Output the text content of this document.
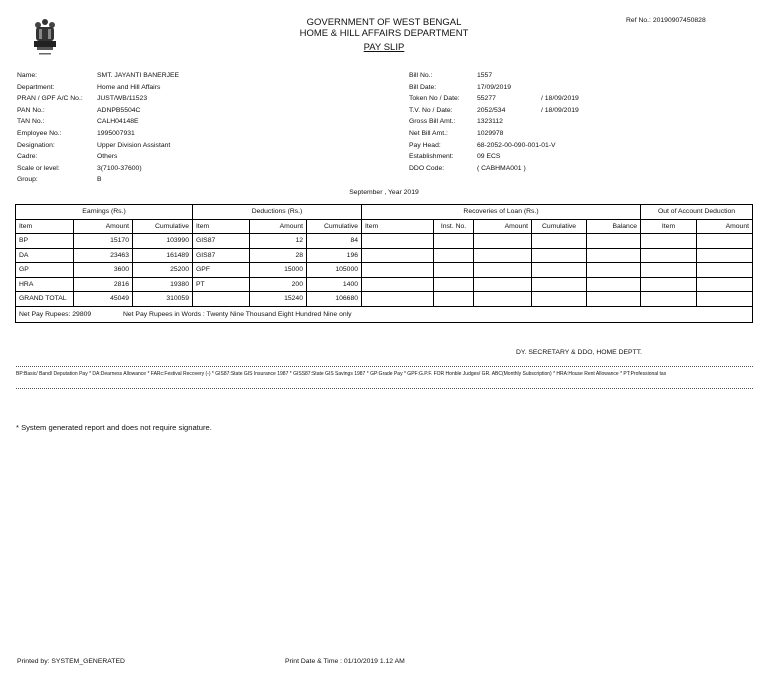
GOVERNMENT OF WEST BENGAL
HOME & HILL AFFAIRS DEPARTMENT
PAY SLIP
Ref No.: 20190907450828
Name:	SMT. JAYANTI BANERJEE
Department:	Home and Hill Affairs
PRAN / GPF A/C No.:	JUST/WB/11523
PAN No.:	ADNPB5504C
TAN No.:	CALH04148E
Employee No.:	1995007931
Designation:	Upper Division Assistant
Cadre:	Others
Scale or level:	3(7100-37600)
Group:	B
Bill No.:	1557
Bill Date:	17/09/2019
Token No / Date:	55277	/ 18/09/2019
T.V. No / Date:	2052/534	/ 18/09/2019
Gross Bill Amt.:	1323112
Net Bill Amt.:	1029978
Pay Head:	68-2052-00-090-001-01-V
Establishment:	09 ECS
DDO Code:	( CABHMA001 )
September , Year 2019
Earnings (Rs.)			Deductions (Rs.)			Recoveries of Loan (Rs.)					Out of Account Deduction	
Item	Amount	Cumulative	Item	Amount	Cumulative	Item	Inst. No.	Amount	Cumulative	Balance	Item	Amount
BP	15170	103990	GIS87	12	84							
DA	23463	161489	GIS87	28	196							
GP	3600	25200	GPF	15000	105000							
HRA	2816	19380	PT	200	1400							
GRAND TOTAL	45049	310059		15240	106680							
Net Pay Rupees: 29809 Net Pay Rupees in Words : Twenty Nine Thousand Eight Hundred Nine only												
DY. SECRETARY & DDO, HOME DEPTT.
BP:Basic/ Band/ Deputation Pay * DA:Dearness Allowance * FARc:Festival Recovery (-) * GIS87:State GIS Insurance 1987 * GISS87:State GIS Savings 1987 * GP:Grade Pay * GPF:G.P.F. FOR Honble Judges/ GR. ABC(Monthly Subscription) * HRA:House Rent Allowance * PT:Professional tax
* System generated report and does not require signature.
Printed by: SYSTEM_GENERATED	Print Date & Time : 01/10/2019 1.12 AM
